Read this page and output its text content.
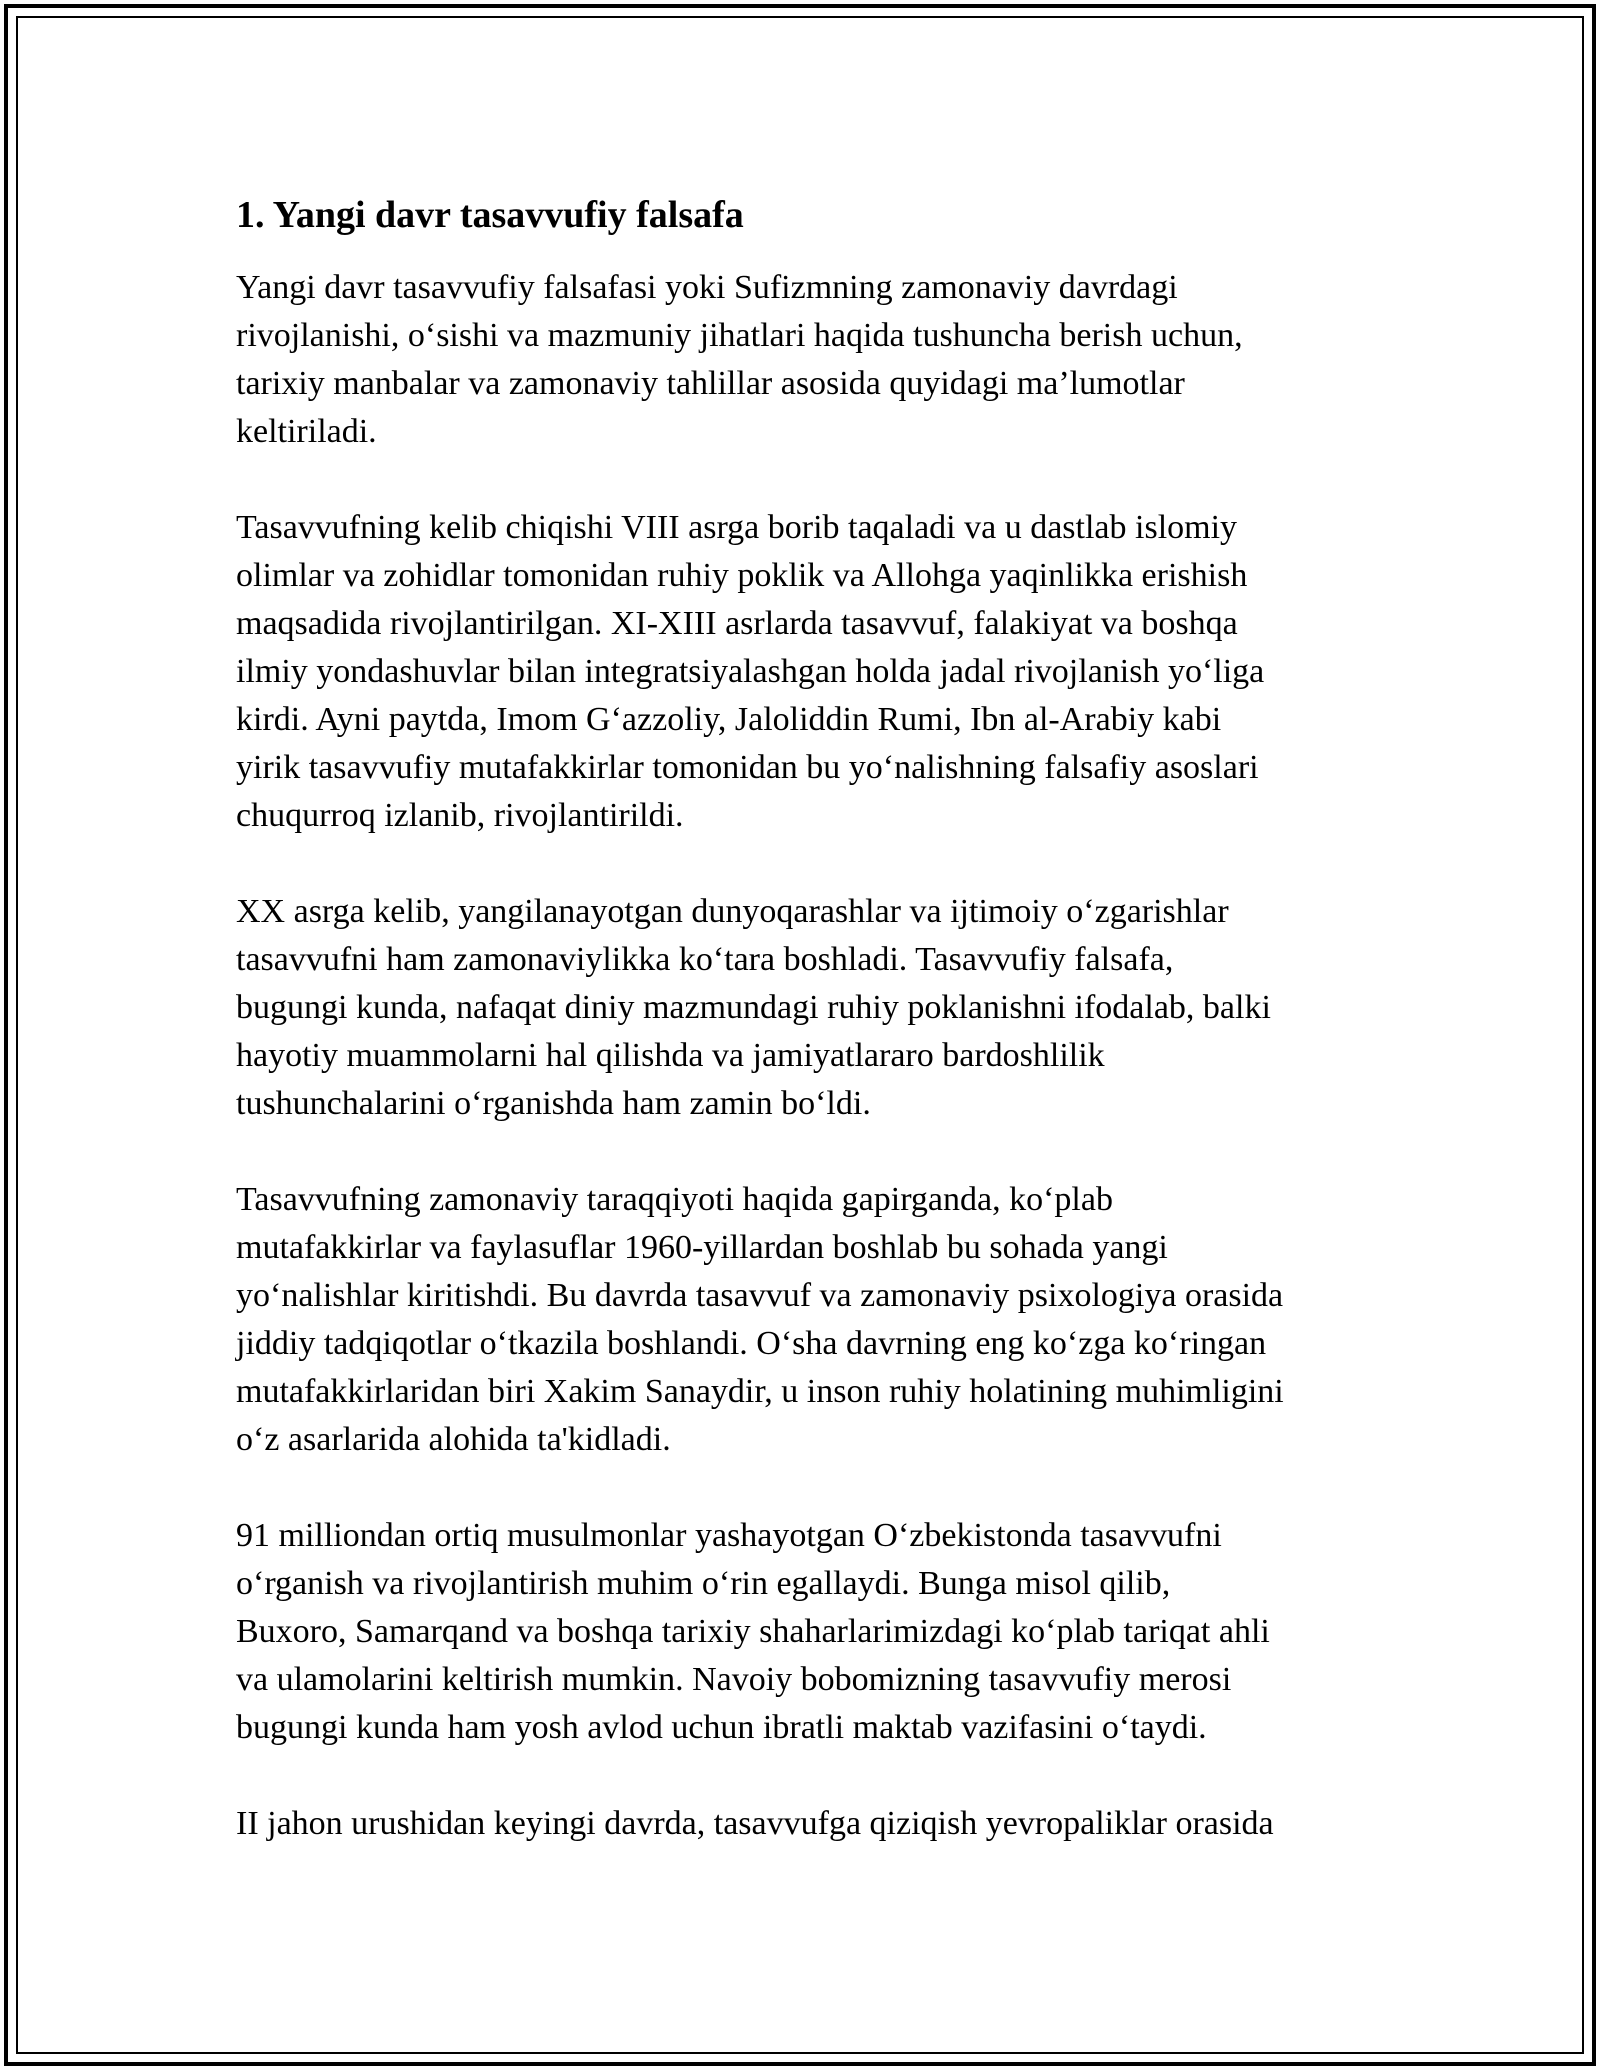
1. Yangi davr tasavvufiy falsafa

Yangi davr tasavvufiy falsafasi yoki Sufizmning zamonaviy davrdagi
rivojlanishi, o‘sishi va mazmuniy jihatlari haqida tushuncha berish uchun,
tarixiy manbalar va zamonaviy tahlillar asosida quyidagi ma’lumotlar
keltiriladi.

Tasavvufning kelib chiqishi VIII asrga borib taqaladi va u dastlab islomiy
olimlar va zohidlar tomonidan ruhiy poklik va Allohga yaqinlikka erishish
maqsadida rivojlantirilgan. XI-XIII asrlarda tasavvuf, falakiyat va boshqa
ilmiy yondashuvlar bilan integratsiyalashgan holda jadal rivojlanish yo‘liga
kirdi. Ayni paytda, Imom G‘azzoliy, Jaloliddin Rumi, Ibn al-Arabiy kabi
yirik tasavvufiy mutafakkirlar tomonidan bu yo‘nalishning falsafiy asoslari
chuqurroq izlanib, rivojlantirildi.

XX asrga kelib, yangilanayotgan dunyoqarashlar va ijtimoiy o‘zgarishlar
tasavvufni ham zamonaviylikka ko‘tara boshladi. Tasavvufiy falsafa,
bugungi kunda, nafaqat diniy mazmundagi ruhiy poklanishni ifodalab, balki
hayotiy muammolarni hal qilishda va jamiyatlararo bardoshlilik
tushunchalarini o‘rganishda ham zamin bo‘ldi.

Tasavvufning zamonaviy taraqqiyoti haqida gapirganda, ko‘plab
mutafakkirlar va faylasuflar 1960-yillardan boshlab bu sohada yangi
yo‘nalishlar kiritishdi. Bu davrda tasavvuf va zamonaviy psixologiya orasida
jiddiy tadqiqotlar o‘tkazila boshlandi. O‘sha davrning eng ko‘zga ko‘ringan
mutafakkirlaridan biri Xakim Sanaydir, u inson ruhiy holatining muhimligini
o‘z asarlarida alohida ta'kidladi.

91 milliondan ortiq musulmonlar yashayotgan O‘zbekistonda tasavvufni
o‘rganish va rivojlantirish muhim o‘rin egallaydi. Bunga misol qilib,
Buxoro, Samarqand va boshqa tarixiy shaharlarimizdagi ko‘plab tariqat ahli
va ulamolarini keltirish mumkin. Navoiy bobomizning tasavvufiy merosi
bugungi kunda ham yosh avlod uchun ibratli maktab vazifasini o‘taydi.

II jahon urushidan keyingi davrda, tasavvufga qiziqish yevropaliklar orasida
